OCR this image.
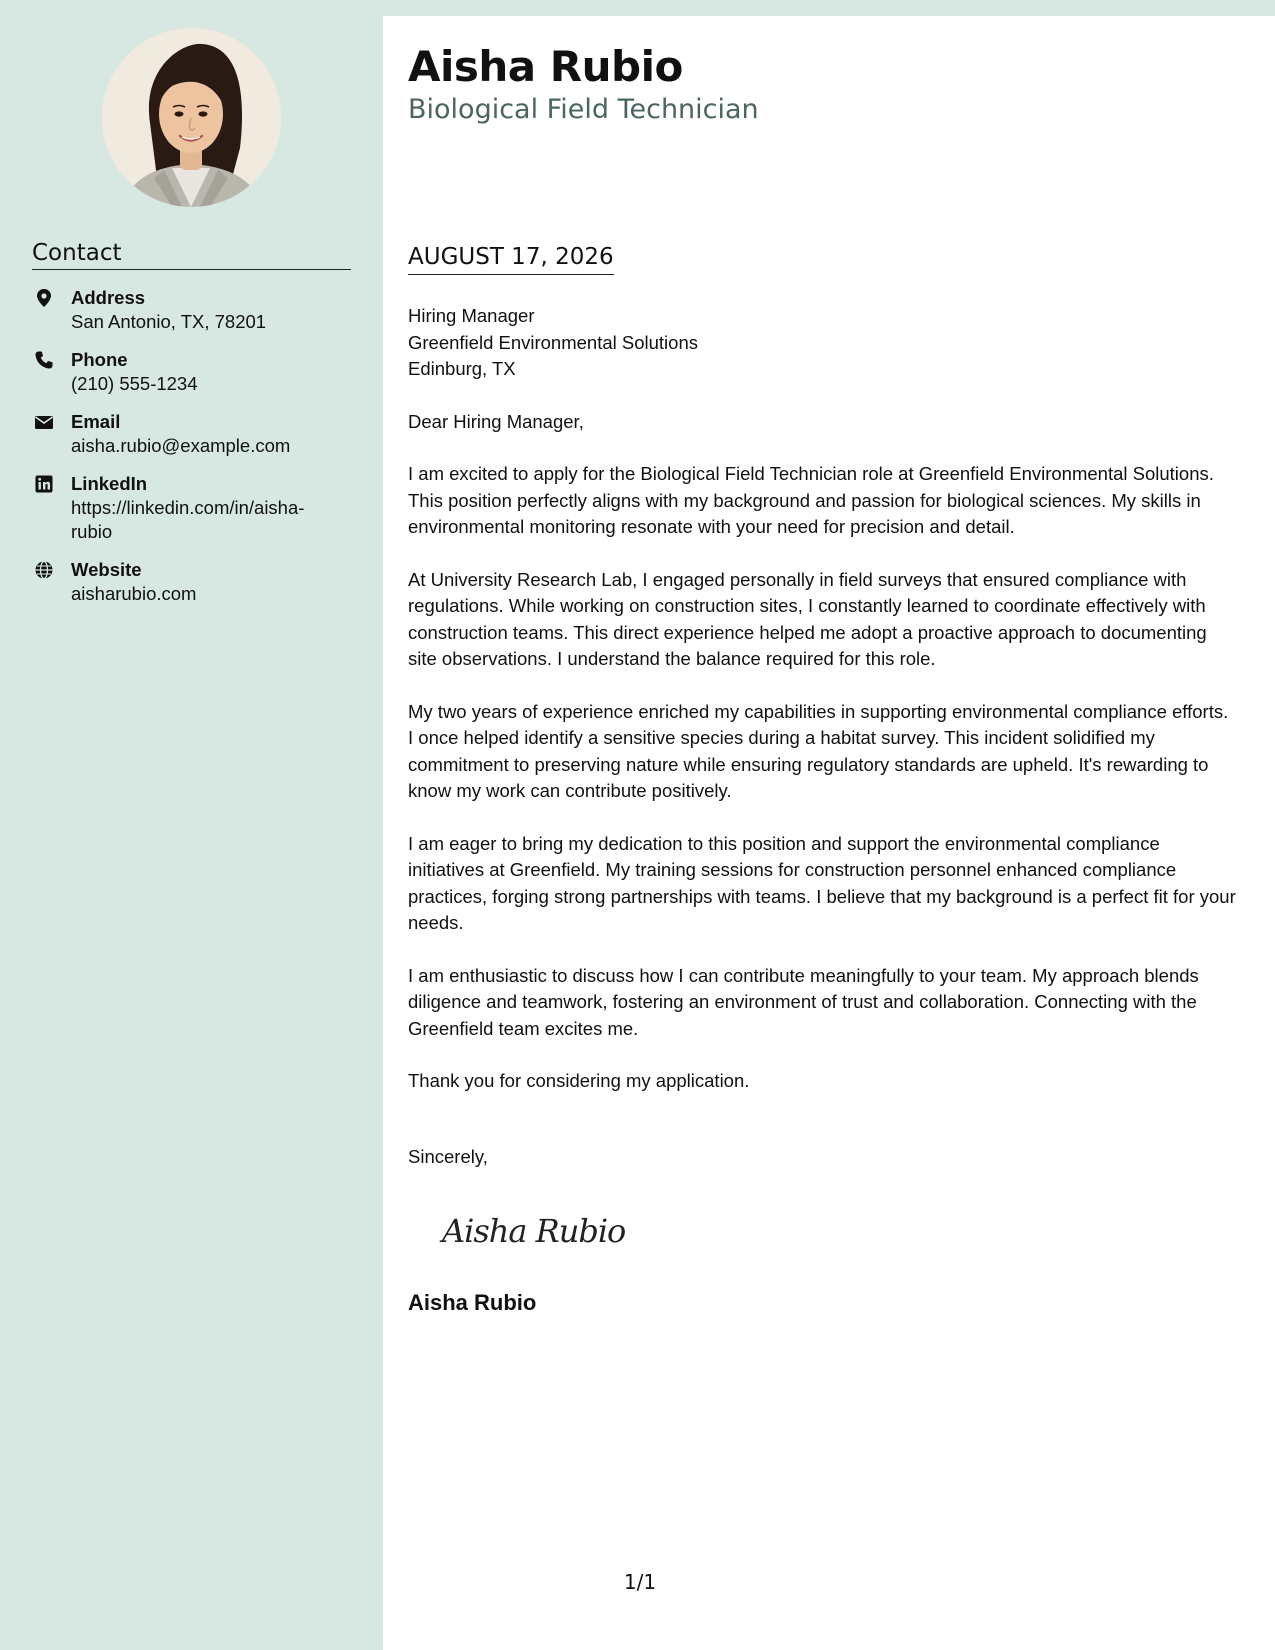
Contact
Address
San Antonio, TX, 78201
Phone
(210) 555-1234
Email
aisha.rubio@example.com
LinkedIn
https://linkedin.com/in/aisha-rubio
Website
aisharubio.com
Aisha Rubio
Biological Field Technician
AUGUST 17, 2026

Hiring Manager

Greenfield Environmental Solutions

Edinburg, TX

Dear Hiring Manager,

I am excited to apply for the Biological Field Technician role at Greenfield Environmental Solutions. This position perfectly aligns with my background and passion for biological sciences. My skills in environmental monitoring resonate with your need for precision and detail.

At University Research Lab, I engaged personally in field surveys that ensured compliance with regulations. While working on construction sites, I constantly learned to coordinate effectively with construction teams. This direct experience helped me adopt a proactive approach to documenting site observations. I understand the balance required for this role.

My two years of experience enriched my capabilities in supporting environmental compliance efforts. I once helped identify a sensitive species during a habitat survey. This incident solidified my commitment to preserving nature while ensuring regulatory standards are upheld. It's rewarding to know my work can contribute positively.

I am eager to bring my dedication to this position and support the environmental compliance initiatives at Greenfield. My training sessions for construction personnel enhanced compliance practices, forging strong partnerships with teams. I believe that my background is a perfect fit for your needs.

I am enthusiastic to discuss how I can contribute meaningfully to your team. My approach blends diligence and teamwork, fostering an environment of trust and collaboration. Connecting with the Greenfield team excites me.

Thank you for considering my application.

Sincerely,
Aisha Rubio
Aisha Rubio
1/1
